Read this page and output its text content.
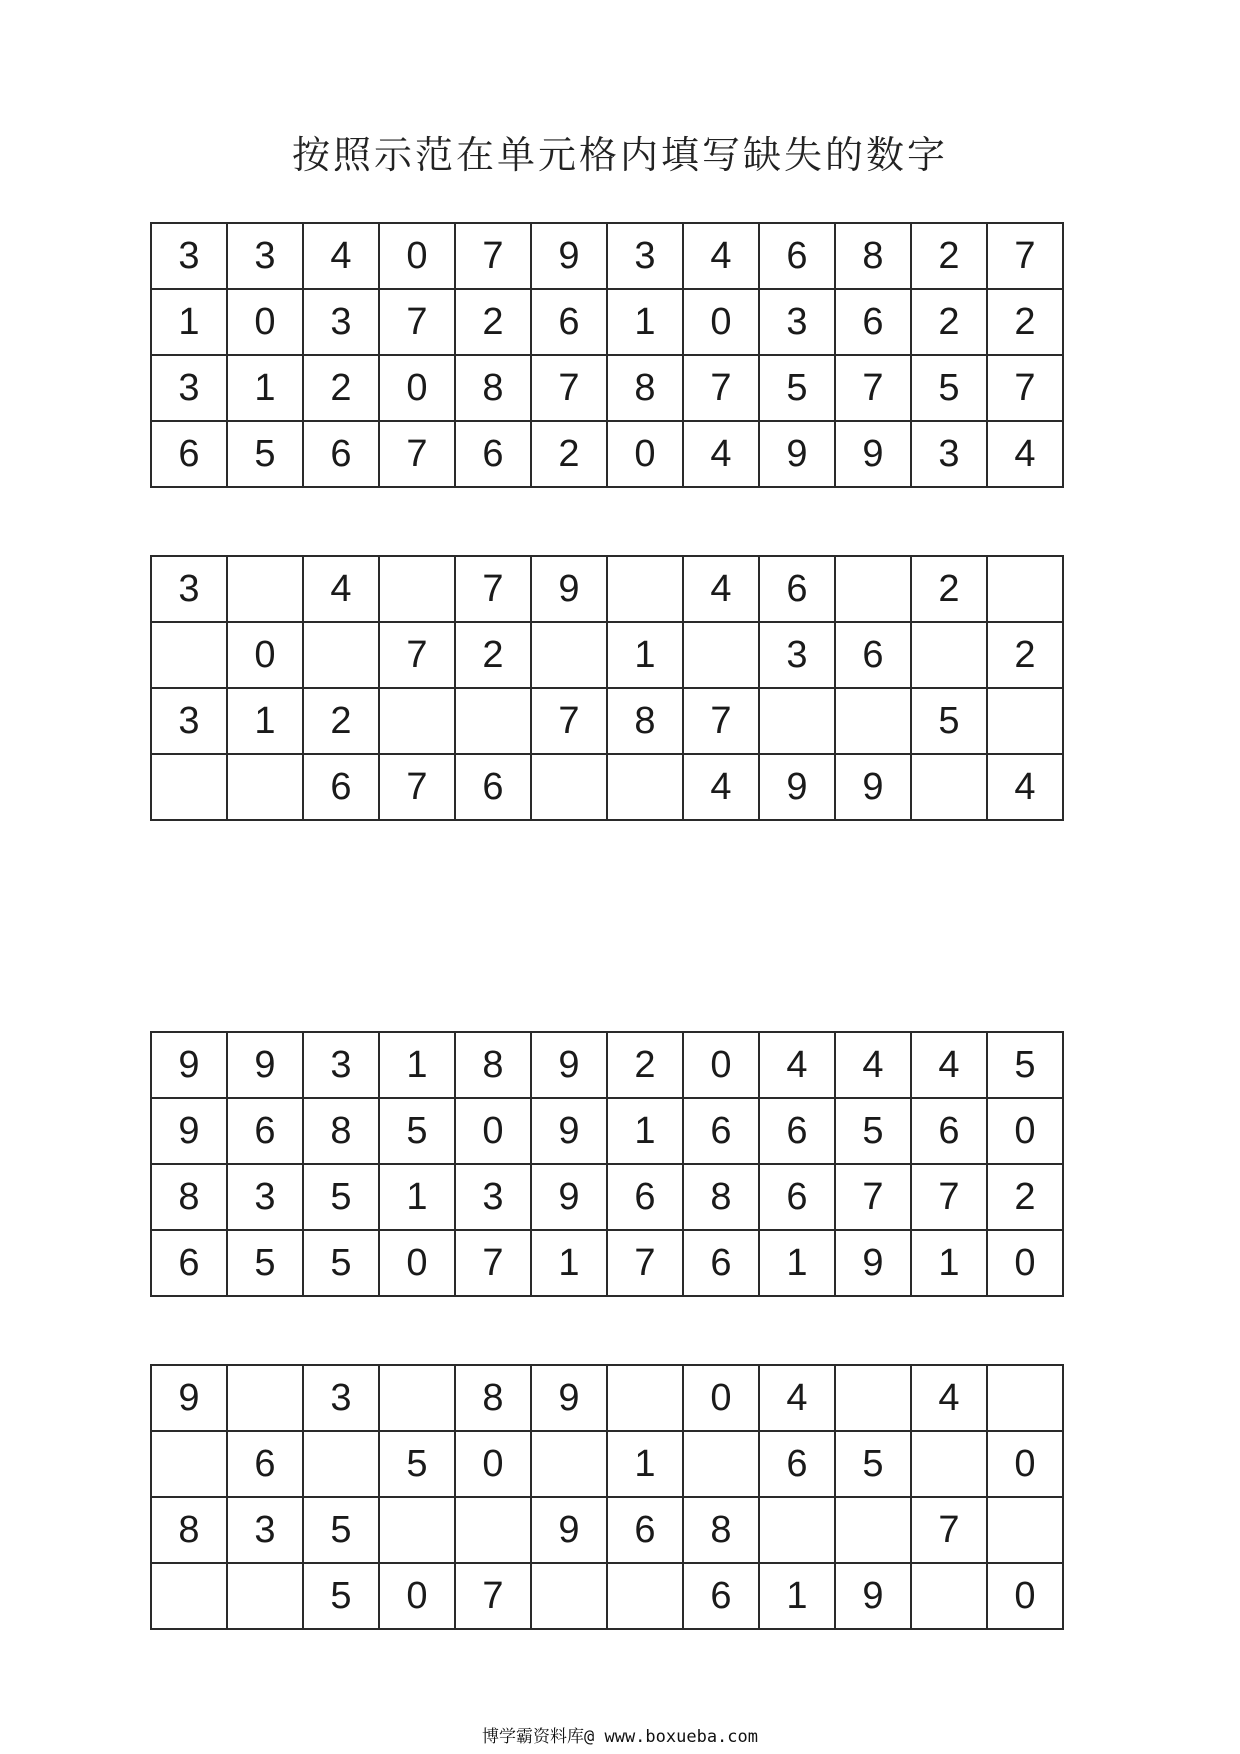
按照示范在单元格内填写缺失的数字
3	3	4	0	7	9	3	4	6	8	2	7
1	0	3	7	2	6	1	0	3	6	2	2
3	1	2	0	8	7	8	7	5	7	5	7
6	5	6	7	6	2	0	4	9	9	3	4
3		4		7	9		4	6		2	
	0		7	2		1		3	6		2
3	1	2			7	8	7			5	
		6	7	6			4	9	9		4
9	9	3	1	8	9	2	0	4	4	4	5
9	6	8	5	0	9	1	6	6	5	6	0
8	3	5	1	3	9	6	8	6	7	7	2
6	5	5	0	7	1	7	6	1	9	1	0
9		3		8	9		0	4		4	
	6		5	0		1		6	5		0
8	3	5			9	6	8			7	
		5	0	7			6	1	9		0
博学霸资料库@ www.boxueba.com
